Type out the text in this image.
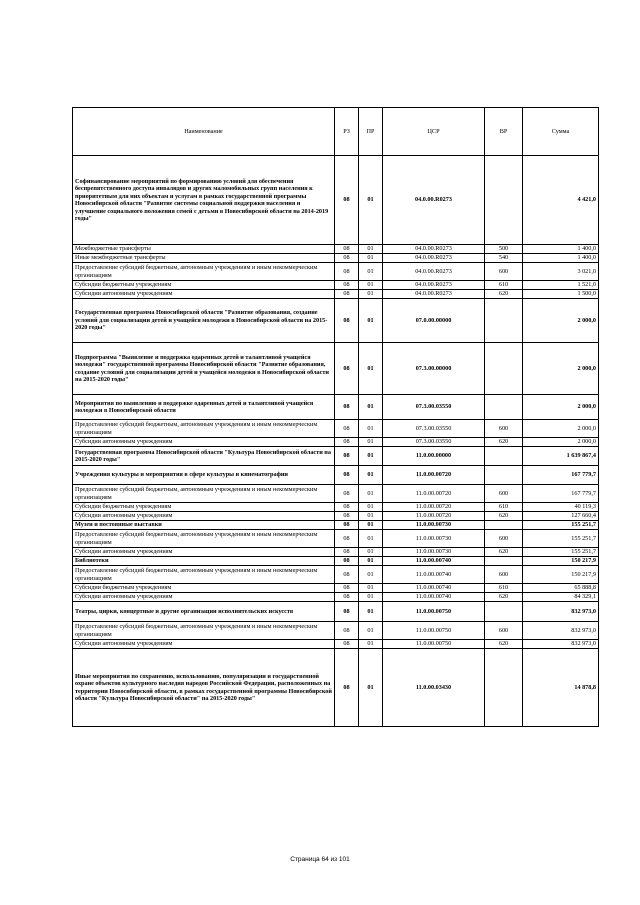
Наименование	РЗ	ПР	ЦСР	ВР	Сумма
Софинансирование мероприятий по формированию условий для обеспечения беспрепятственного доступа инвалидов и других маломобильных групп населения к приоритетным для них объектам и услугам в рамках государственной программы Новосибирской области "Развитие системы социальной поддержки населения и улучшение социального положения семей с детьми в Новосибирской области на 2014-2019 годы"	08	01	04.0.00.R0273		4 421,0
Межбюджетные трансферты	08	01	04.0.00.R0273	500	1 400,0
Иные межбюджетные трансферты	08	01	04.0.00.R0273	540	1 400,0
Предоставление субсидий бюджетным, автономным учреждениям и иным некоммерческим организациям	08	01	04.0.00.R0273	600	3 021,0
Субсидии бюджетным учреждениям	08	01	04.0.00.R0273	610	1 521,0
Субсидии автономным учреждениям	08	01	04.0.00.R0273	620	1 500,0
Государственная программа Новосибирской области "Развитие образования, создание условий для социализации детей и учащейся молодежи в Новосибирской области на 2015-2020 годы"	08	01	07.0.00.00000		2 000,0
Подпрограмма "Выявление и поддержка одаренных детей и талантливой учащейся молодежи" государственной программы Новосибирской области "Развитие образования, создание условий для социализации детей и учащейся молодежи в Новосибирской области на 2015-2020 годы"	08	01	07.3.00.00000		2 000,0
Мероприятия по выявлению и поддержке одаренных детей и талантливой учащейся молодежи в Новосибирской области	08	01	07.3.00.03550		2 000,0
Предоставление субсидий бюджетным, автономным учреждениям и иным некоммерческим организациям	08	01	07.3.00.03550	600	2 000,0
Субсидии автономным учреждениям	08	01	07.3.00.03550	620	2 000,0
Государственная программа Новосибирской области "Культура Новосибирской области на 2015-2020 годы"	08	01	11.0.00.00000		1 639 867,4
Учреждения культуры и мероприятия в сфере культуры и кинематографии	08	01	11.0.00.00720		167 779,7
Предоставление субсидий бюджетным, автономным учреждениям и иным некоммерческим организациям	08	01	11.0.00.00720	600	167 779,7
Субсидии бюджетным учреждениям	08	01	11.0.00.00720	610	40 119,3
Субсидии автономным учреждениям	08	01	11.0.00.00720	620	127 660,4
Музеи и постоянные выставки	08	01	11.0.00.00730		155 251,7
Предоставление субсидий бюджетным, автономным учреждениям и иным некоммерческим организациям	08	01	11.0.00.00730	600	155 251,7
Субсидии автономным учреждениям	08	01	11.0.00.00730	620	155 251,7
Библиотеки	08	01	11.0.00.00740		150 217,9
Предоставление субсидий бюджетным, автономным учреждениям и иным некоммерческим организациям	08	01	11.0.00.00740	600	150 217,9
Субсидии бюджетным учреждениям	08	01	11.0.00.00740	610	65 888,8
Субсидии автономным учреждениям	08	01	11.0.00.00740	620	84 329,1
Театры, цирки, концертные и другие организации исполнительских искусств	08	01	11.0.00.00750		832 973,0
Предоставление субсидий бюджетным, автономным учреждениям и иным некоммерческим организациям	08	01	11.0.00.00750	600	832 973,0
Субсидии автономным учреждениям	08	01	11.0.00.00750	620	832 973,0
Иные мероприятия по сохранению, использованию, популяризации и государственной охране объектов культурного наследия народов Российской Федерации, расположенных на территории Новосибирской области, в рамках государственной программы Новосибирской области "Культура Новосибирской области" на 2015-2020 годы"	08	01	11.0.00.03430		14 878,8
Страница 64 из 101
